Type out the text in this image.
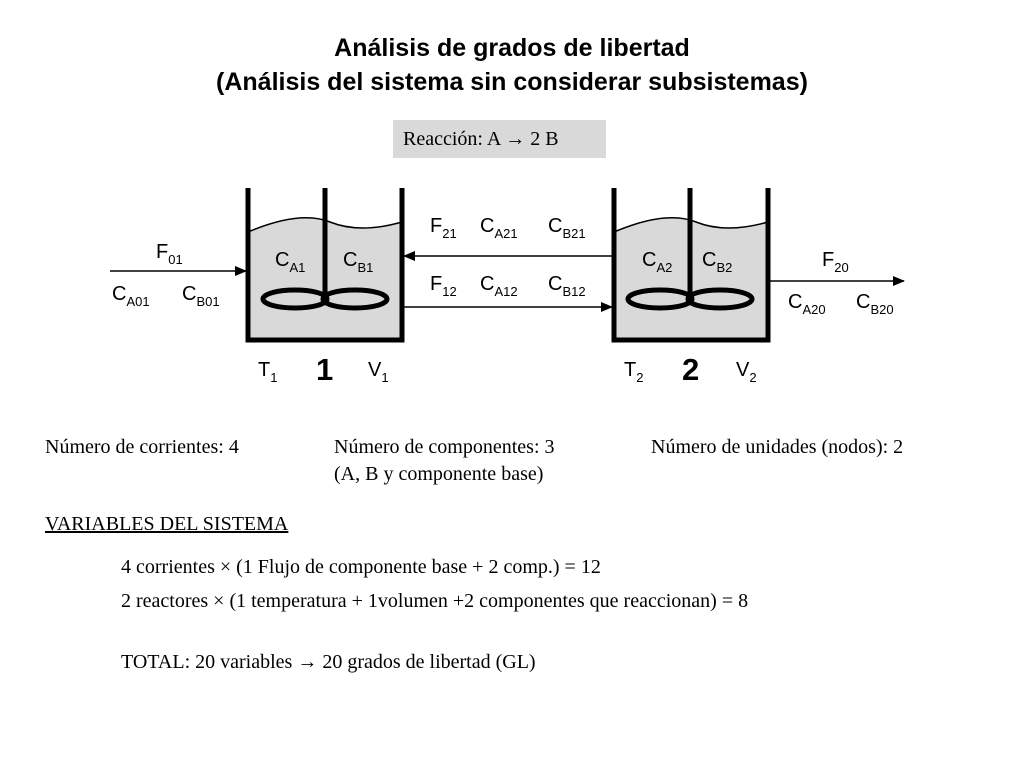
Análisis de grados de libertad
(Análisis del sistema sin considerar subsistemas)
Reacción: A → 2 B
$C_{A1}$ $C_{B1}$
$T_1$ 1 $V_1$
$C_{A2}$ $C_{B2}$
$T_2$ 2 $V_2$
$F_{01}$
$C_{A01}$ $C_{B01}$
$F_{21}$ $C_{A21}$ $C_{B21}$
$F_{12}$ $C_{A12}$ $C_{B12}$
$F_{20}$
$C_{A20}$ $C_{B20}$
Número de corrientes: 4	Número de componentes: 3
(A, B y componente base)
Número de unidades (nodos): 2
VARIABLES DEL SISTEMA
4 corrientes × (1 Flujo de componente base + 2 comp.) = 12
2 reactores × (1 temperatura + 1volumen +2 componentes que reaccionan) = 8
TOTAL: 20 variables → 20 grados de libertad (GL)
